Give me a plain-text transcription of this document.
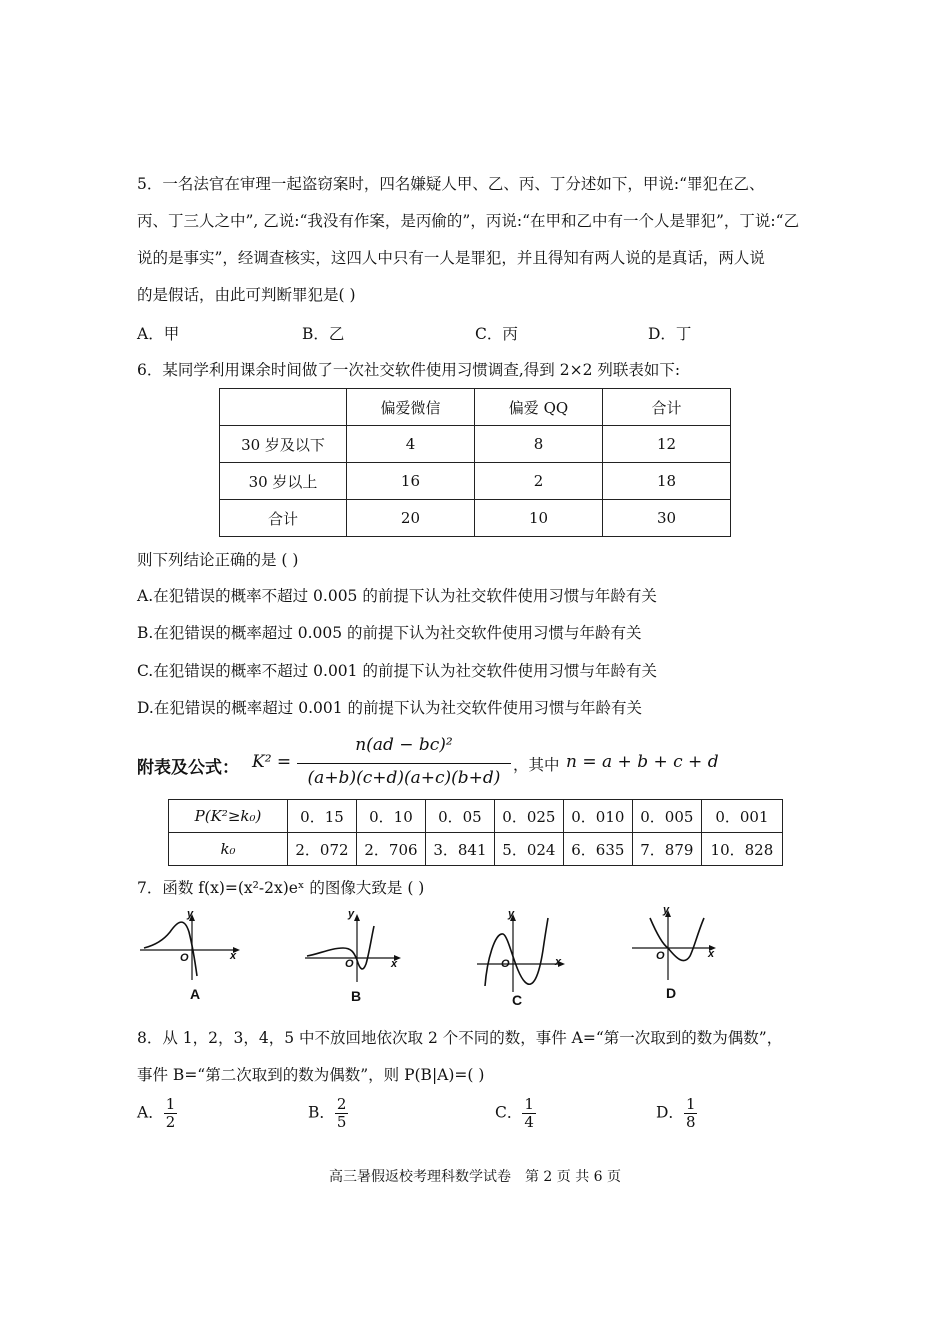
5．一名法官在审理一起盗窃案时，四名嫌疑人甲、乙、丙、丁分述如下，甲说:“罪犯在乙、
丙、丁三人之中”, 乙说:“我没有作案，是丙偷的”，丙说:“在甲和乙中有一个人是罪犯”，丁说:“乙
说的是事实”，经调查核实，这四人中只有一人是罪犯，并且得知有两人说的是真话，两人说
的是假话，由此可判断罪犯是( )
A．甲	B．乙	C．丙	D．丁
6．某同学利用课余时间做了一次社交软件使用习惯调查,得到 2×2 列联表如下:
	偏爱微信	偏爱 QQ	合计
30 岁及以下	4	8	12
30 岁以上	16	2	18
合计	20	10	30
则下列结论正确的是 ( )
A.在犯错误的概率不超过 0.005 的前提下认为社交软件使用习惯与年龄有关
B.在犯错误的概率超过 0.005 的前提下认为社交软件使用习惯与年龄有关
C.在犯错误的概率不超过 0.001 的前提下认为社交软件使用习惯与年龄有关
D.在犯错误的概率超过 0.001 的前提下认为社交软件使用习惯与年龄有关
附表及公式： K² =
n(ad − bc)²
(a+b)(c+d)(a+c)(b+d)
，其中 n = a + b + c + d
P(K²≥k₀)	0．15	0．10	0．05	0．025	0．010	0．005	0．001
k₀	2．072	2．706	3．841	5．024	6．635	7．879	10．828
7．函数 f(x)=(x²-2x)eˣ 的图像大致是 ( )
y
O	x
A
y
O	x
B
y
O	x
C
y
O	x
D
8．从 1，2，3，4，5 中不放回地依次取 2 个不同的数，事件 A=“第一次取到的数为偶数”，
事件 B=“第二次取到的数为偶数”，则 P(B|A)=( )
A． $\frac{1}{2}$	B． $\frac{2}{5}$	C． $\frac{1}{4}$	D． $\frac{1}{8}$
高三暑假返校考理科数学试卷　第 2 页 共 6 页
